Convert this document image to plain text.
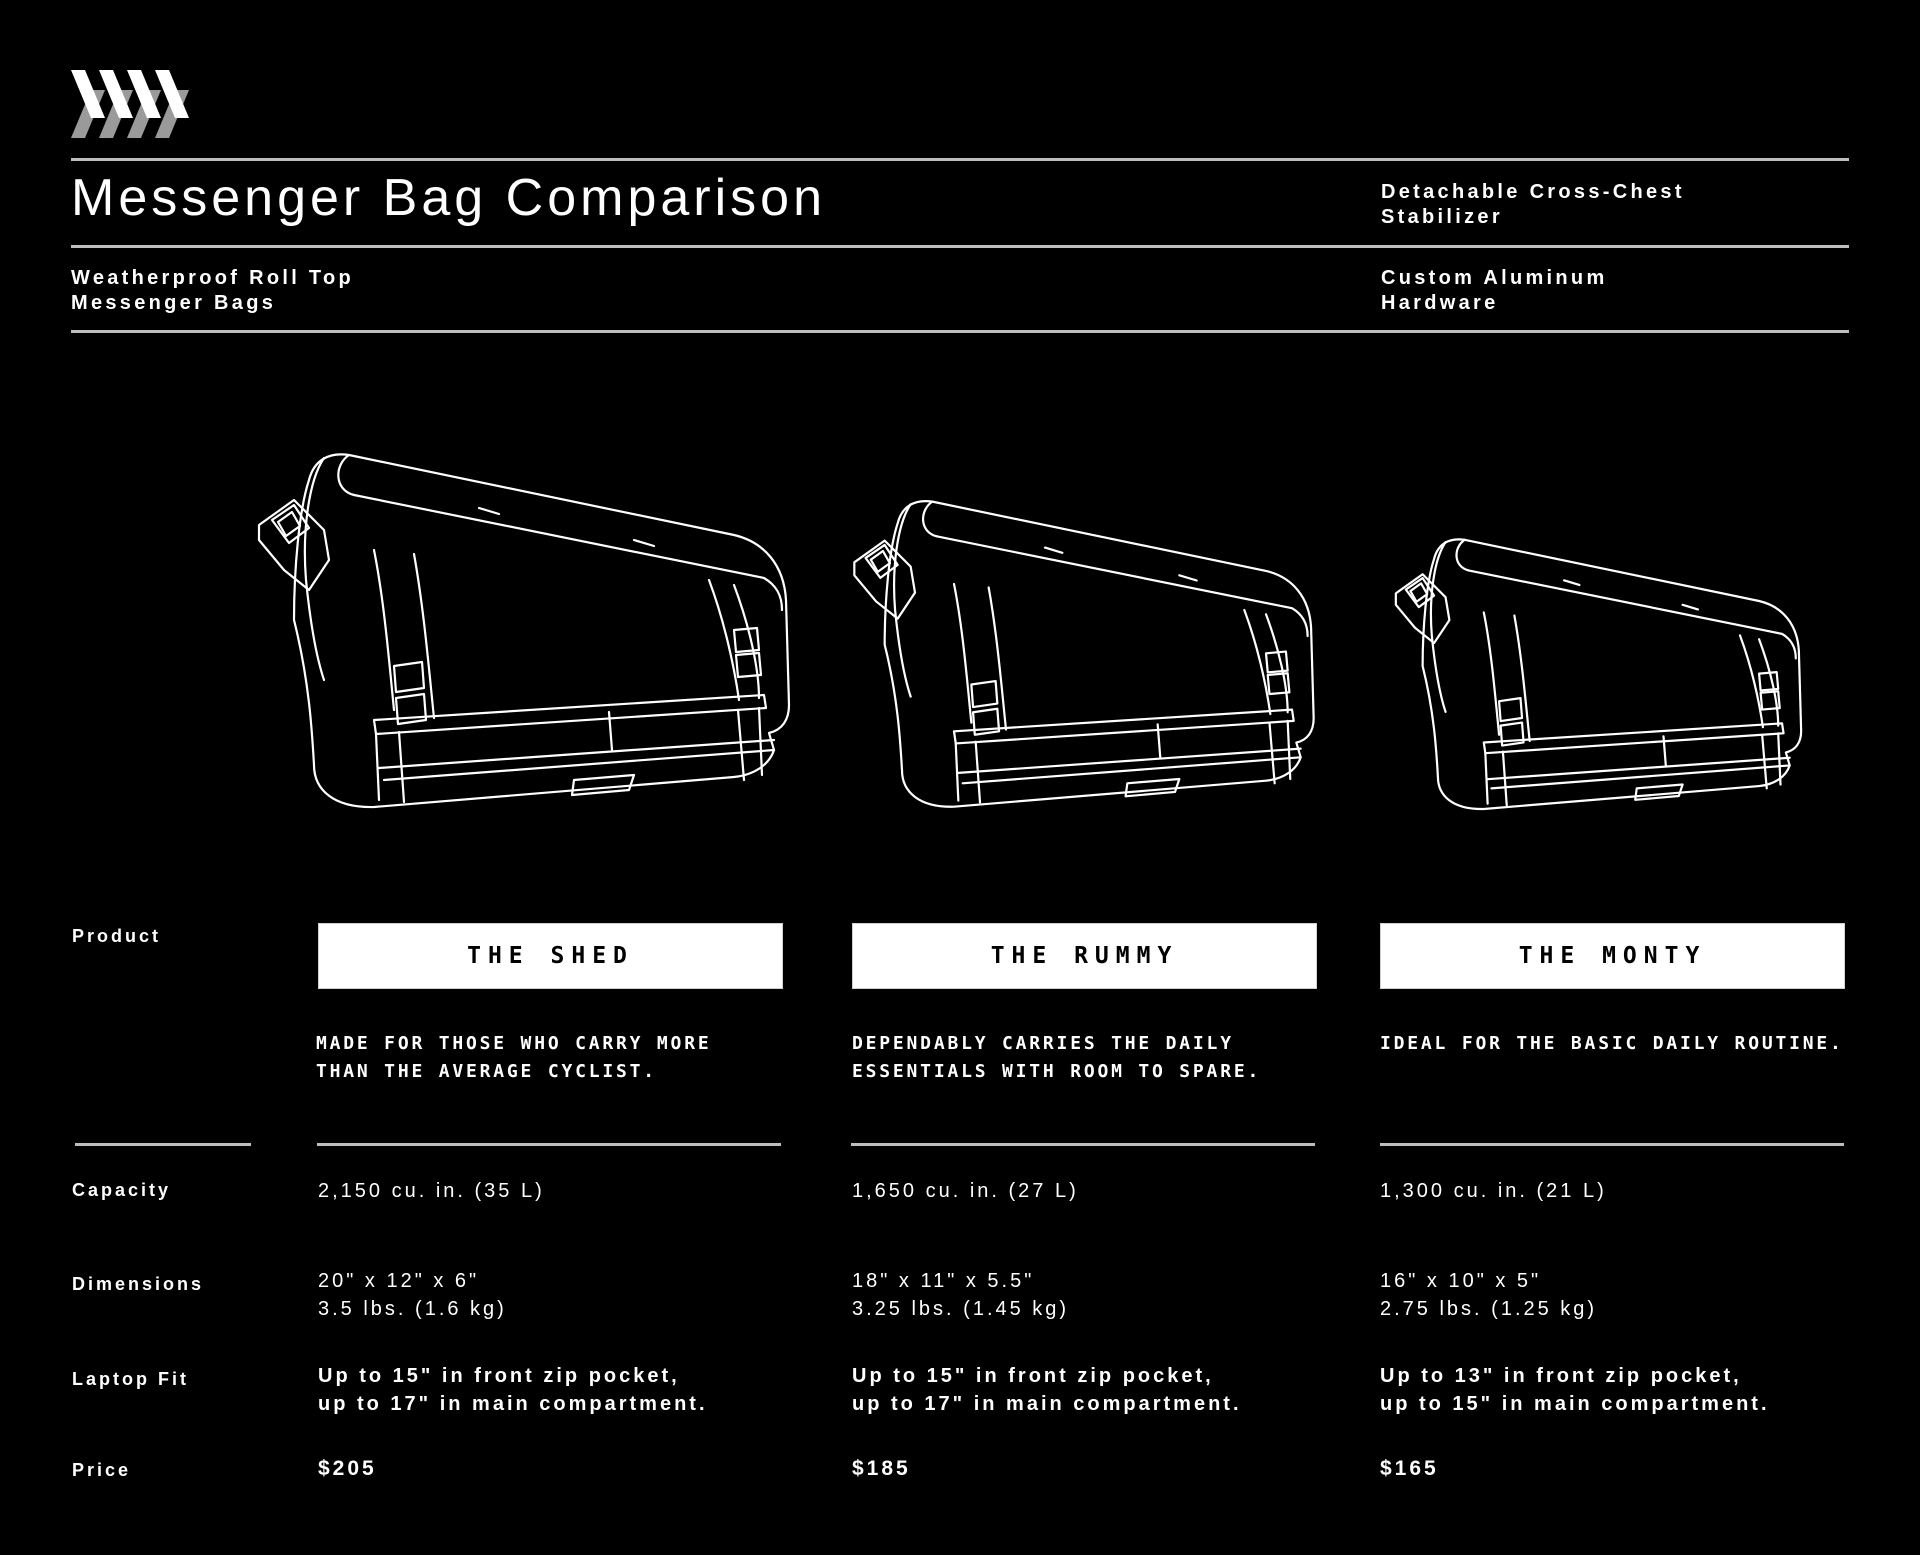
Messenger Bag Comparison
Weatherproof Roll Top Messenger Bags
Detachable Cross-Chest Stabilizer
Custom Aluminum Hardware
Product
Capacity
Dimensions
Laptop Fit
Price
THE SHED
MADE FOR THOSE WHO CARRY MORE
THAN THE AVERAGE CYCLIST.
2,150 cu. in. (35 L)
20" x 12" x 6"
3.5 lbs. (1.6 kg)
Up to 15" in front zip pocket,
up to 17" in main compartment.
$205
THE RUMMY
DEPENDABLY CARRIES THE DAILY
ESSENTIALS WITH ROOM TO SPARE.
1,650 cu. in. (27 L)
18" x 11" x 5.5"
3.25 lbs. (1.45 kg)
Up to 15" in front zip pocket,
up to 17" in main compartment.
$185
THE MONTY
IDEAL FOR THE BASIC DAILY ROUTINE.
1,300 cu. in. (21 L)
16" x 10" x 5"
2.75 lbs. (1.25 kg)
Up to 13" in front zip pocket,
up to 15" in main compartment.
$165
